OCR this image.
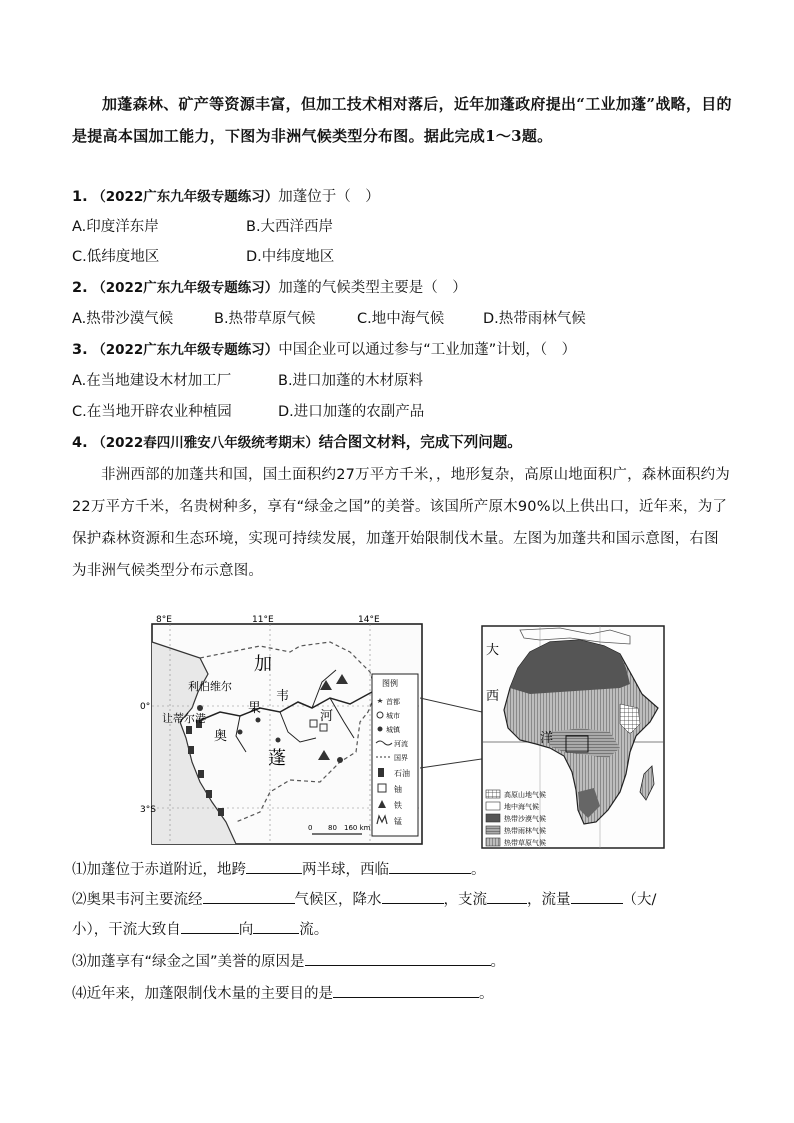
加蓬森林、矿产等资源丰富，但加工技术相对落后，近年加蓬政府提出“工业加蓬”战略，目的是提高本国加工能力，下图为非洲气候类型分布图。据此完成1～3题。
1. （2022广东九年级专题练习）加蓬位于（　）
A.印度洋东岸	B.大西洋西岸
C.低纬度地区	D.中纬度地区
2. （2022广东九年级专题练习）加蓬的气候类型主要是（　）
A.热带沙漠气候	B.热带草原气候	C.地中海气候	D.热带雨林气候
3. （2022广东九年级专题练习）中国企业可以通过参与“工业加蓬”计划，（　）
A.在当地建设木材加工厂	B.进口加蓬的木材原料
C.在当地开辟农业种植园	D.进口加蓬的农副产品
4. （2022春四川雅安八年级统考期末）结合图文材料，完成下列问题。
非洲西部的加蓬共和国，国土面积约27万平方千米，，地形复杂，高原山地面积广，森林面积约为22万平方千米，名贵树种多，享有“绿金之国”的美誉。该国所产原木90%以上供出口，近年来，为了保护森林资源和生态环境，实现可持续发展，加蓬开始限制伐木量。左图为加蓬共和国示意图，右图为非洲气候类型分布示意图。
8°E	11°E	14°E
0°
3°S
加
蓬
奥
果
韦
河
利伯维尔
让蒂尔港
图例
首都
城市
城镇
河流
国界
石油
铀
铁
锰
0 80 160 km
大
西
洋
高原山地气候
地中海气候
热带沙漠气候
热带雨林气候
热带草原气候
⑴加蓬位于赤道附近，地跨	两半球，西临	。
⑵奥果韦河主要流经	气候区，降水	，支流	，流量	（大/
小），干流大致自	向	流。
⑶加蓬享有“绿金之国”美誉的原因是	。
⑷近年来，加蓬限制伐木量的主要目的是	。
